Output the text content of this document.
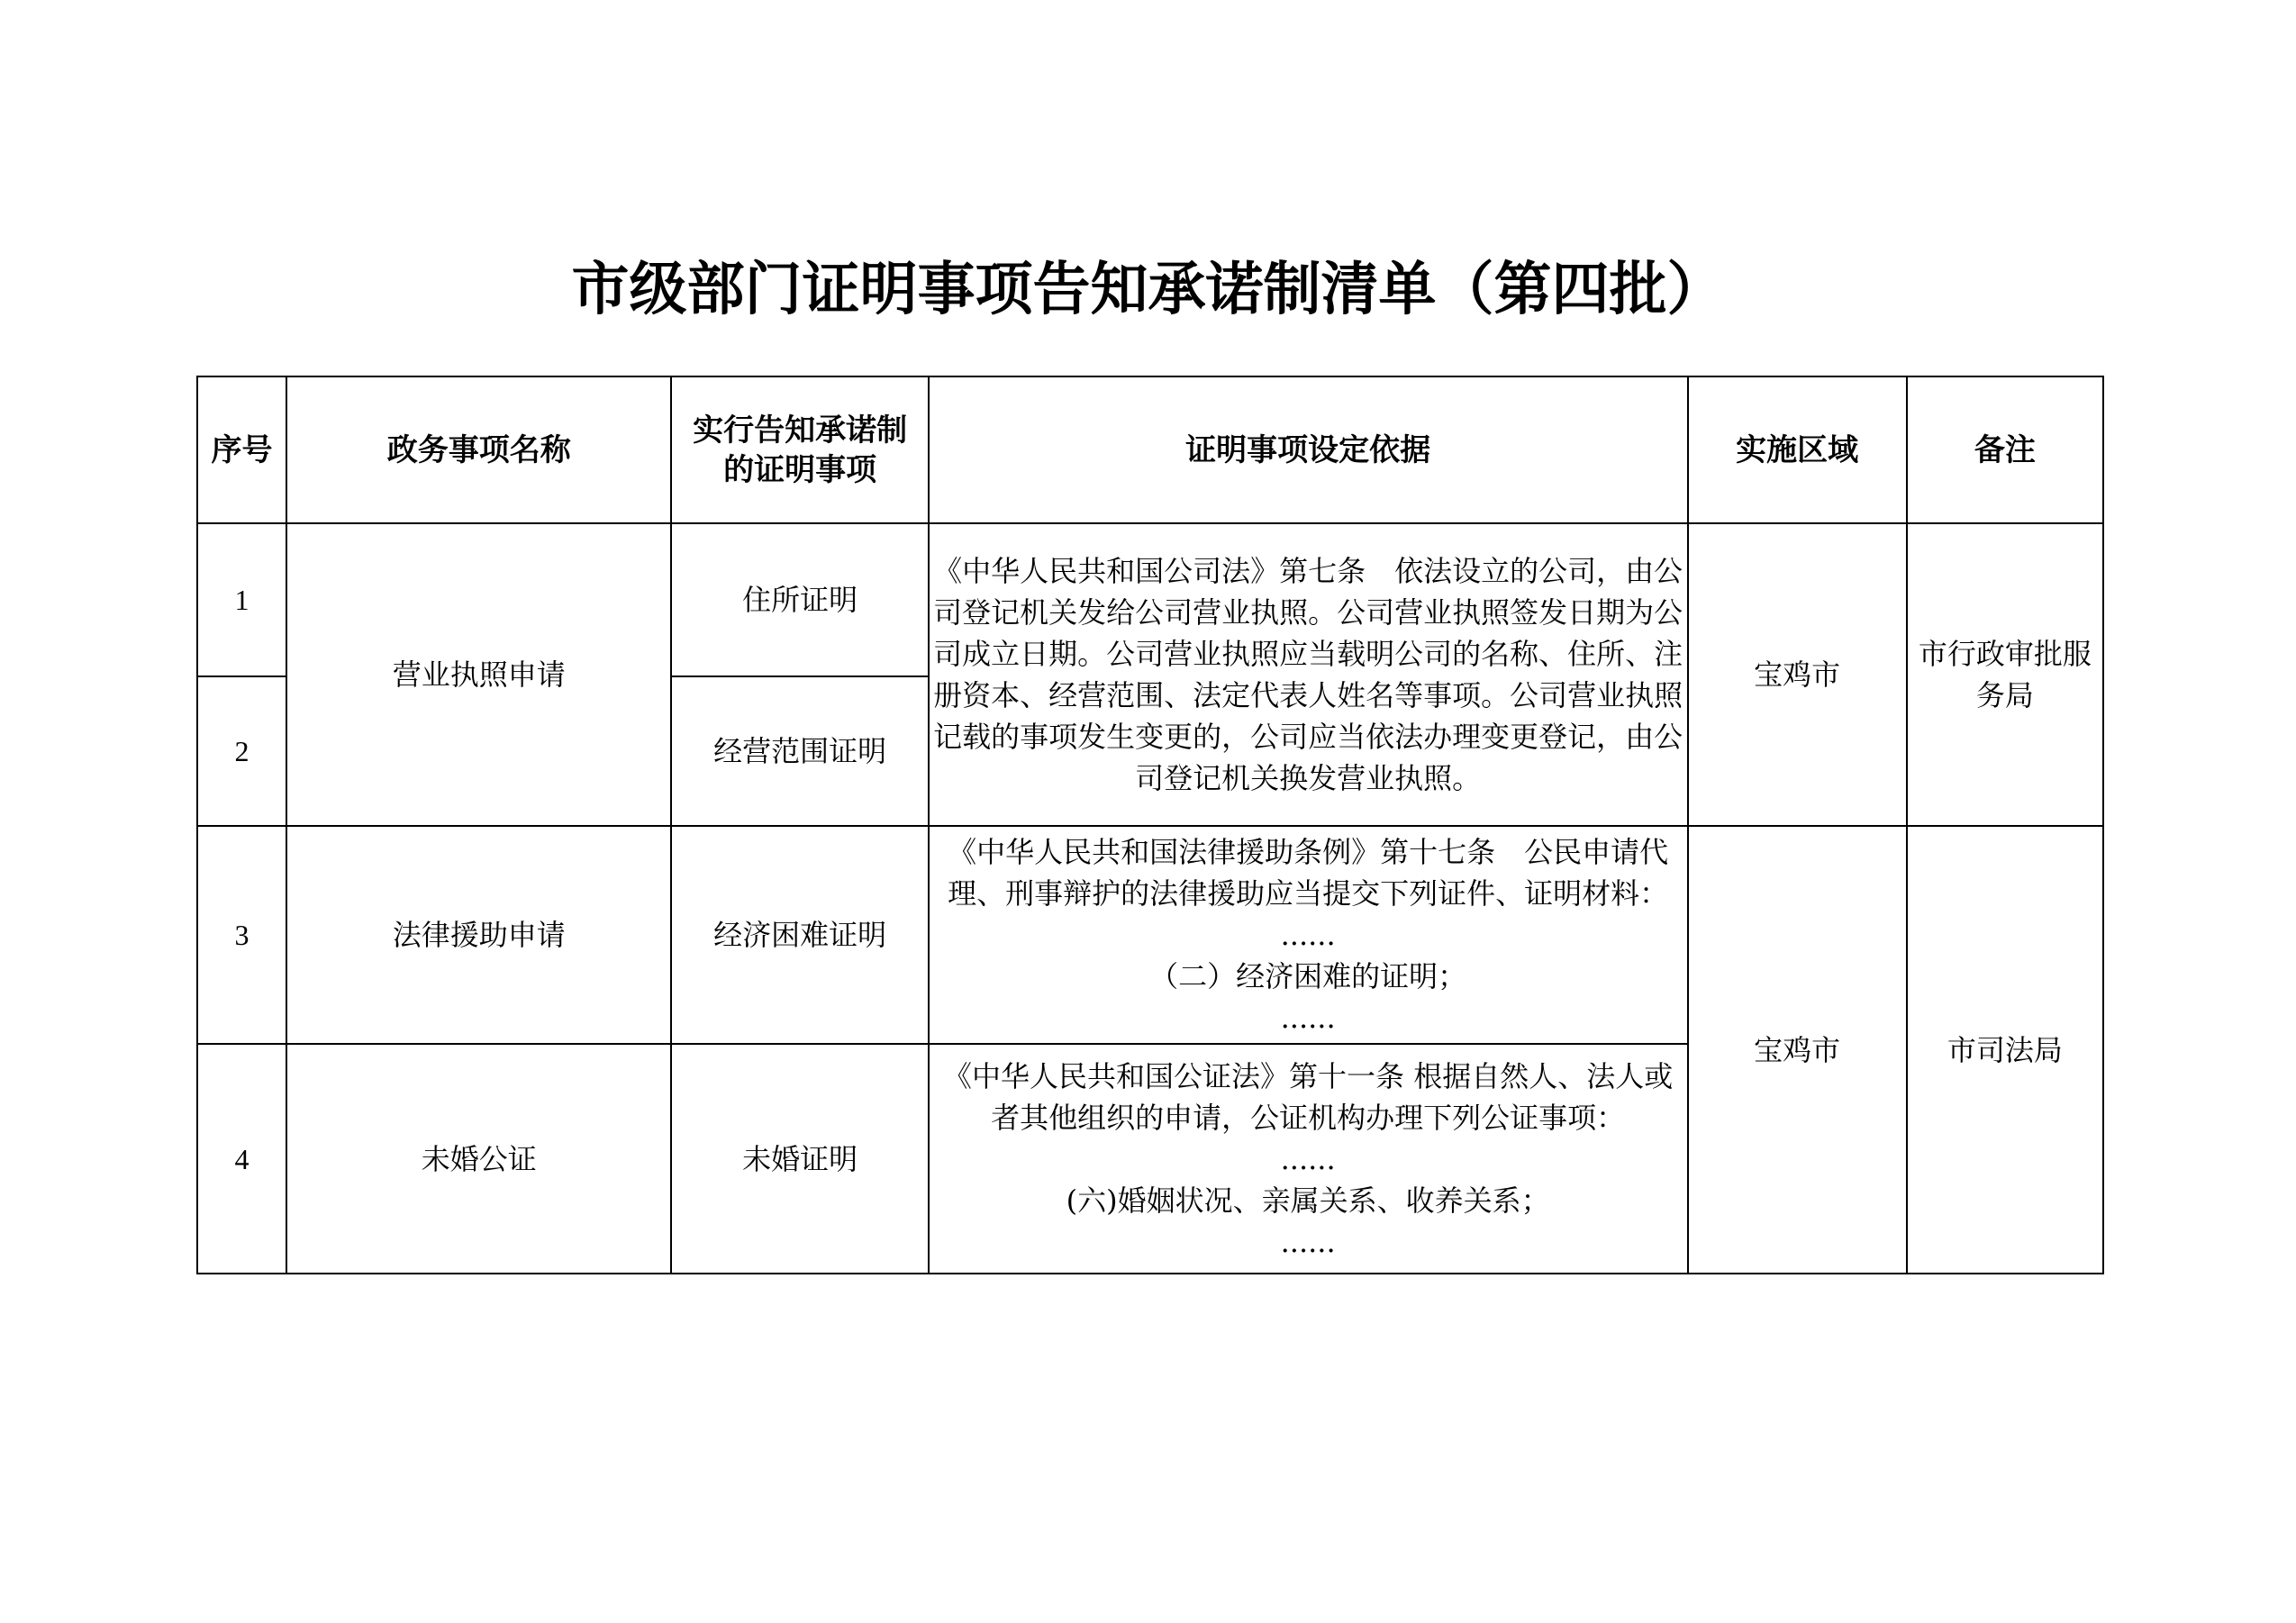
市级部门证明事项告知承诺制清单（第四批）
序号	政务事项名称	实行告知承诺制的证明事项	证明事项设定依据	实施区域	备注
1	营业执照申请	住所证明	《中华人民共和国公司法》第七条　依法设立的公司，由公司登记机关发给公司营业执照。公司营业执照签发日期为公司成立日期。公司营业执照应当载明公司的名称、住所、注册资本、经营范围、法定代表人姓名等事项。公司营业执照记载的事项发生变更的，公司应当依法办理变更登记，由公司登记机关换发营业执照。	宝鸡市	市行政审批服务局
2		经营范围证明			
3	法律援助申请	经济困难证明	《中华人民共和国法律援助条例》第十七条　公民申请代理、刑事辩护的法律援助应当提交下列证件、证明材料：
......
（二）经济困难的证明；
......	宝鸡市	市司法局
4	未婚公证	未婚证明	《中华人民共和国公证法》第十一条 根据自然人、法人或者其他组织的申请，公证机构办理下列公证事项：
......
(六)婚姻状况、亲属关系、收养关系；
......		
